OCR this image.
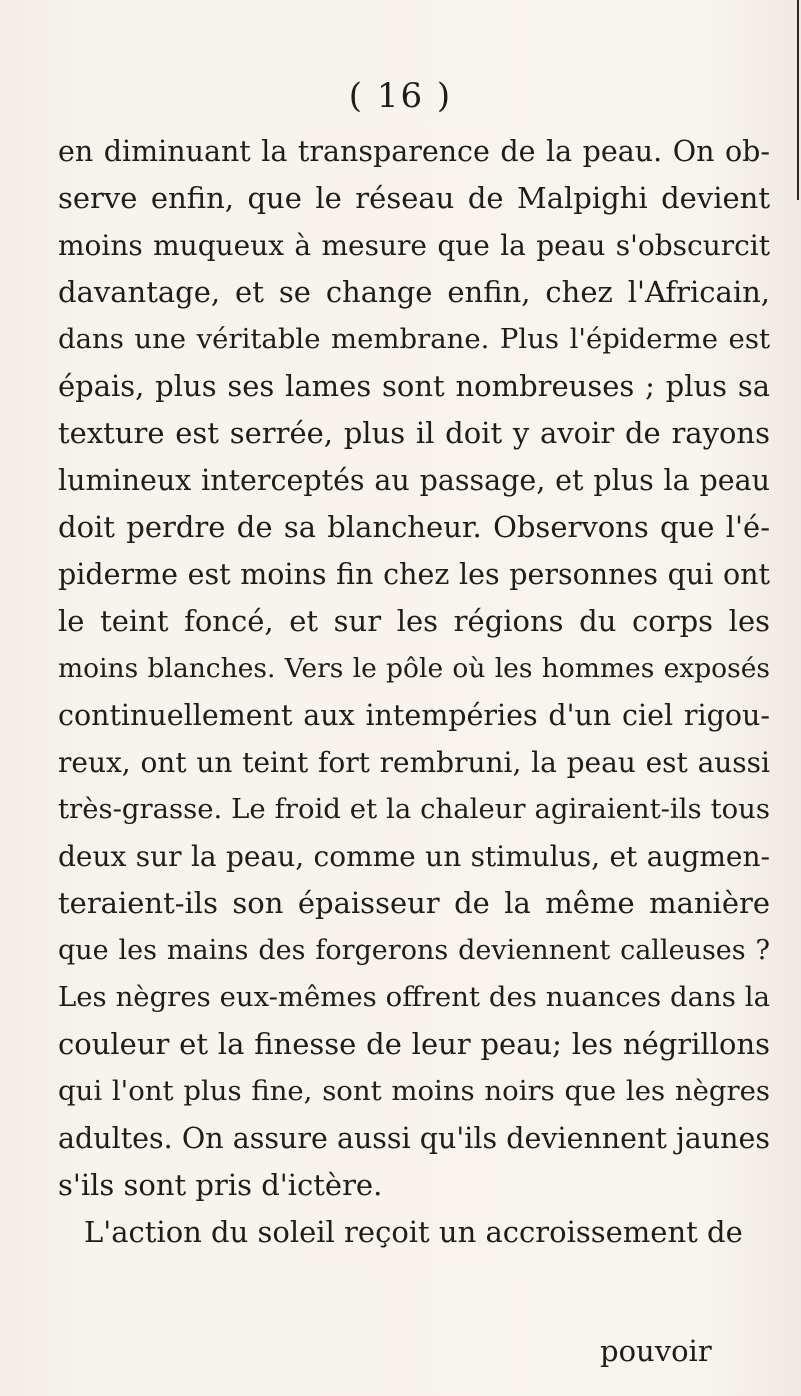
( 16 )
en diminuant la transparence de la peau. On ob-
serve enfin, que le réseau de Malpighi devient
moins muqueux à mesure que la peau s'obscurcit
davantage, et se change enfin, chez l'Africain,
dans une véritable membrane. Plus l'épiderme est
épais, plus ses lames sont nombreuses ; plus sa
texture est serrée, plus il doit y avoir de rayons
lumineux interceptés au passage, et plus la peau
doit perdre de sa blancheur. Observons que l'é-
piderme est moins fin chez les personnes qui ont
le teint foncé, et sur les régions du corps les
moins blanches. Vers le pôle où les hommes exposés
continuellement aux intempéries d'un ciel rigou-
reux, ont un teint fort rembruni, la peau est aussi
très-grasse. Le froid et la chaleur agiraient-ils tous
deux sur la peau, comme un stimulus, et augmen-
teraient-ils son épaisseur de la même manière
que les mains des forgerons deviennent calleuses ?
Les nègres eux-mêmes offrent des nuances dans la
couleur et la finesse de leur peau; les négrillons
qui l'ont plus fine, sont moins noirs que les nègres
adultes. On assure aussi qu'ils deviennent jaunes
s'ils sont pris d'ictère.
L'action du soleil reçoit un accroissement de
pouvoir
